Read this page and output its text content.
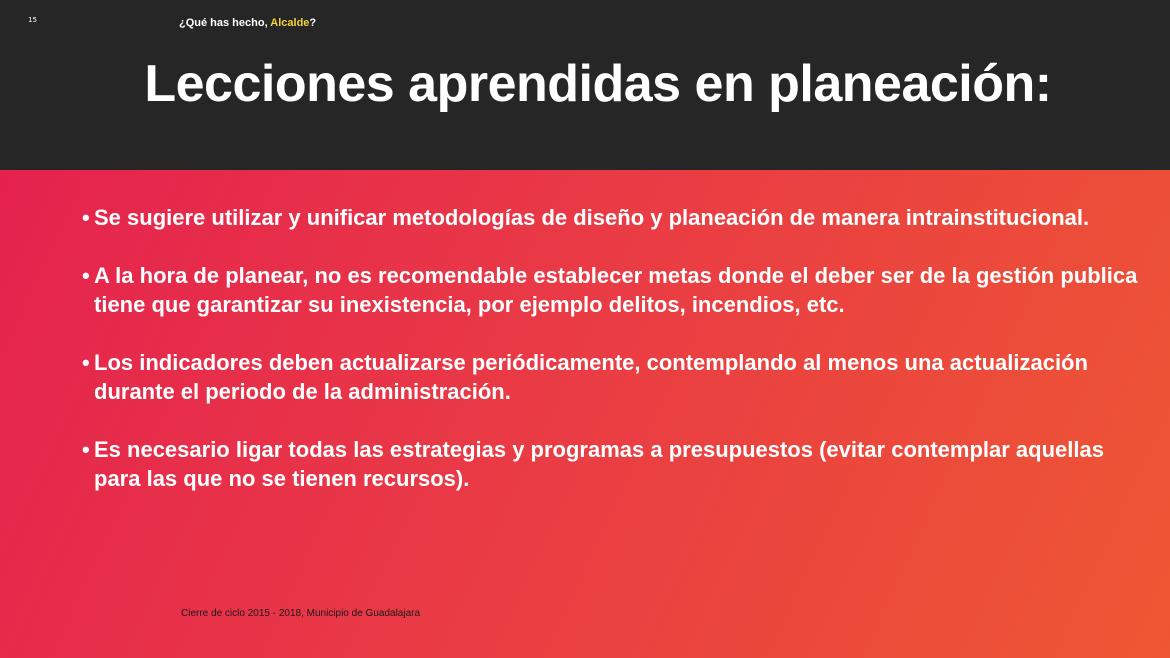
15	¿Qué has hecho, Alcalde?
Lecciones aprendidas en planeación:
• Se sugiere utilizar y unificar metodologías de diseño y planeación de manera intrainstitucional.
• A la hora de planear, no es recomendable establecer metas donde el deber ser de la gestión publica tiene que garantizar su inexistencia, por ejemplo delitos, incendios, etc.
• Los indicadores deben actualizarse periódicamente, contemplando al menos una actualización durante el periodo de la administración.
• Es necesario ligar todas las estrategias y programas a presupuestos (evitar contemplar aquellas para las que no se tienen recursos).
Cierre de ciclo 2015 - 2018, Municipio de Guadalajara
